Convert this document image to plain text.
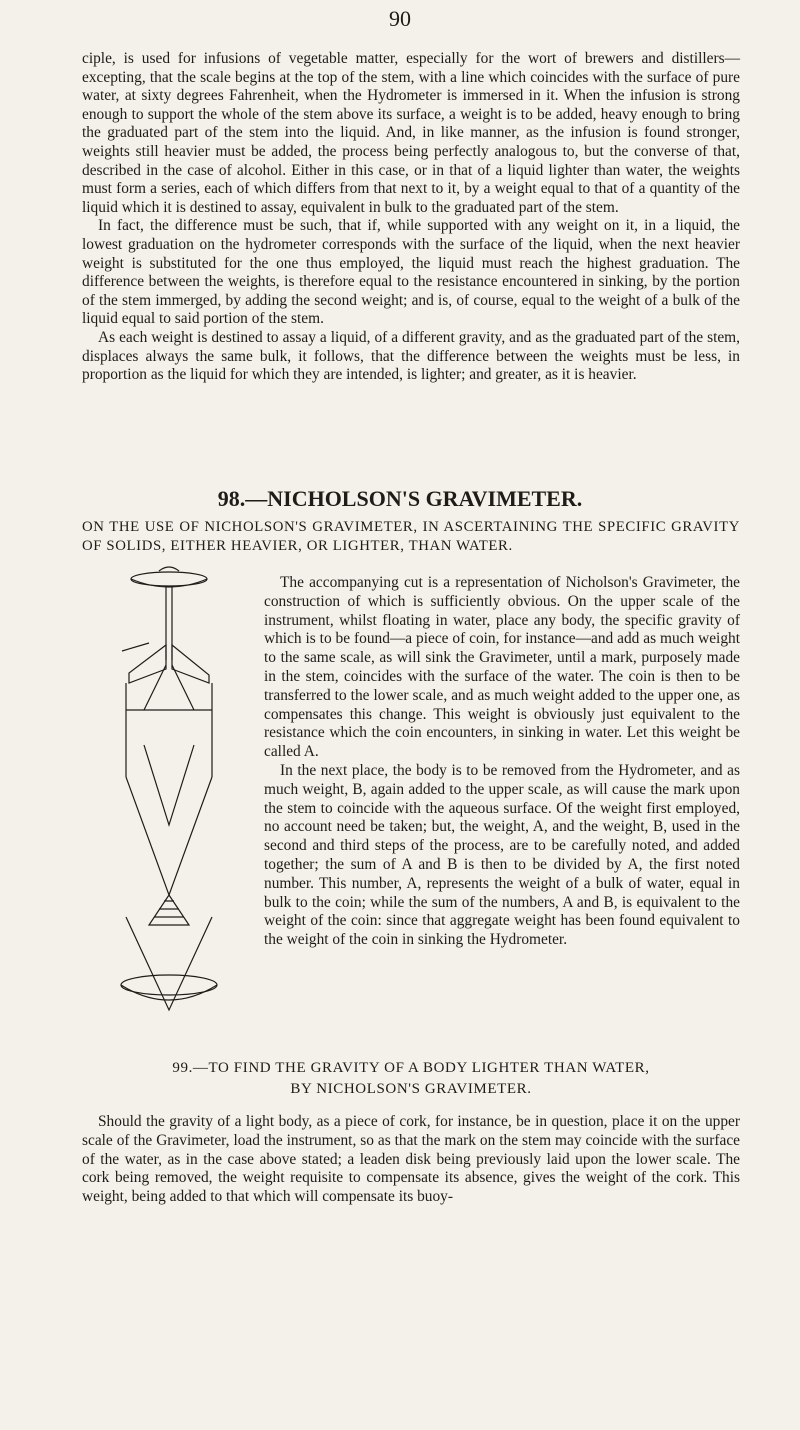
90

ciple, is used for infusions of vegetable matter, especially for the wort of brewers and distillers—excepting, that the scale begins at the top of the stem, with a line which coincides with the surface of pure water, at sixty degrees Fahrenheit, when the Hydrometer is immersed in it. When the infusion is strong enough to support the whole of the stem above its surface, a weight is to be added, heavy enough to bring the graduated part of the stem into the liquid. And, in like manner, as the infusion is found stronger, weights still heavier must be added, the process being perfectly analogous to, but the converse of that, described in the case of alcohol. Either in this case, or in that of a liquid lighter than water, the weights must form a series, each of which differs from that next to it, by a weight equal to that of a quantity of the liquid which it is destined to assay, equivalent in bulk to the graduated part of the stem.

In fact, the difference must be such, that if, while supported with any weight on it, in a liquid, the lowest graduation on the hydrometer corresponds with the surface of the liquid, when the next heavier weight is substituted for the one thus employed, the liquid must reach the highest graduation. The difference between the weights, is therefore equal to the resistance encountered in sinking, by the portion of the stem immerged, by adding the second weight; and is, of course, equal to the weight of a bulk of the liquid equal to said portion of the stem.

As each weight is destined to assay a liquid, of a different gravity, and as the graduated part of the stem, displaces always the same bulk, it follows, that the difference between the weights must be less, in proportion as the liquid for which they are intended, is lighter; and greater, as it is heavier.

98.—NICHOLSON'S GRAVIMETER.
ON THE USE OF NICHOLSON'S GRAVIMETER, IN ASCERTAINING THE SPECIFIC GRAVITY OF SOLIDS, EITHER HEAVIER, OR LIGHTER, THAN WATER.

The accompanying cut is a representation of Nicholson's Gravimeter, the construction of which is sufficiently obvious. On the upper scale of the instrument, whilst floating in water, place any body, the specific gravity of which is to be found—a piece of coin, for instance—and add as much weight to the same scale, as will sink the Gravimeter, until a mark, purposely made in the stem, coincides with the surface of the water. The coin is then to be transferred to the lower scale, and as much weight added to the upper one, as compensates this change. This weight is obviously just equivalent to the resistance which the coin encounters, in sinking in water. Let this weight be called A.

In the next place, the body is to be removed from the Hydrometer, and as much weight, B, again added to the upper scale, as will cause the mark upon the stem to coincide with the aqueous surface. Of the weight first employed, no account need be taken; but, the weight, A, and the weight, B, used in the second and third steps of the process, are to be carefully noted, and added together; the sum of A and B is then to be divided by A, the first noted number. This number, A, represents the weight of a bulk of water, equal in bulk to the coin; while the sum of the numbers, A and B, is equivalent to the weight of the coin: since that aggregate weight has been found equivalent to the weight of the coin in sinking the Hydrometer.

99.—TO FIND THE GRAVITY OF A BODY LIGHTER THAN WATER,
BY NICHOLSON'S GRAVIMETER.

Should the gravity of a light body, as a piece of cork, for instance, be in question, place it on the upper scale of the Gravimeter, load the instrument, so as that the mark on the stem may coincide with the surface of the water, as in the case above stated; a leaden disk being previously laid upon the lower scale. The cork being removed, the weight requisite to compensate its absence, gives the weight of the cork. This weight, being added to that which will compensate its buoy-
